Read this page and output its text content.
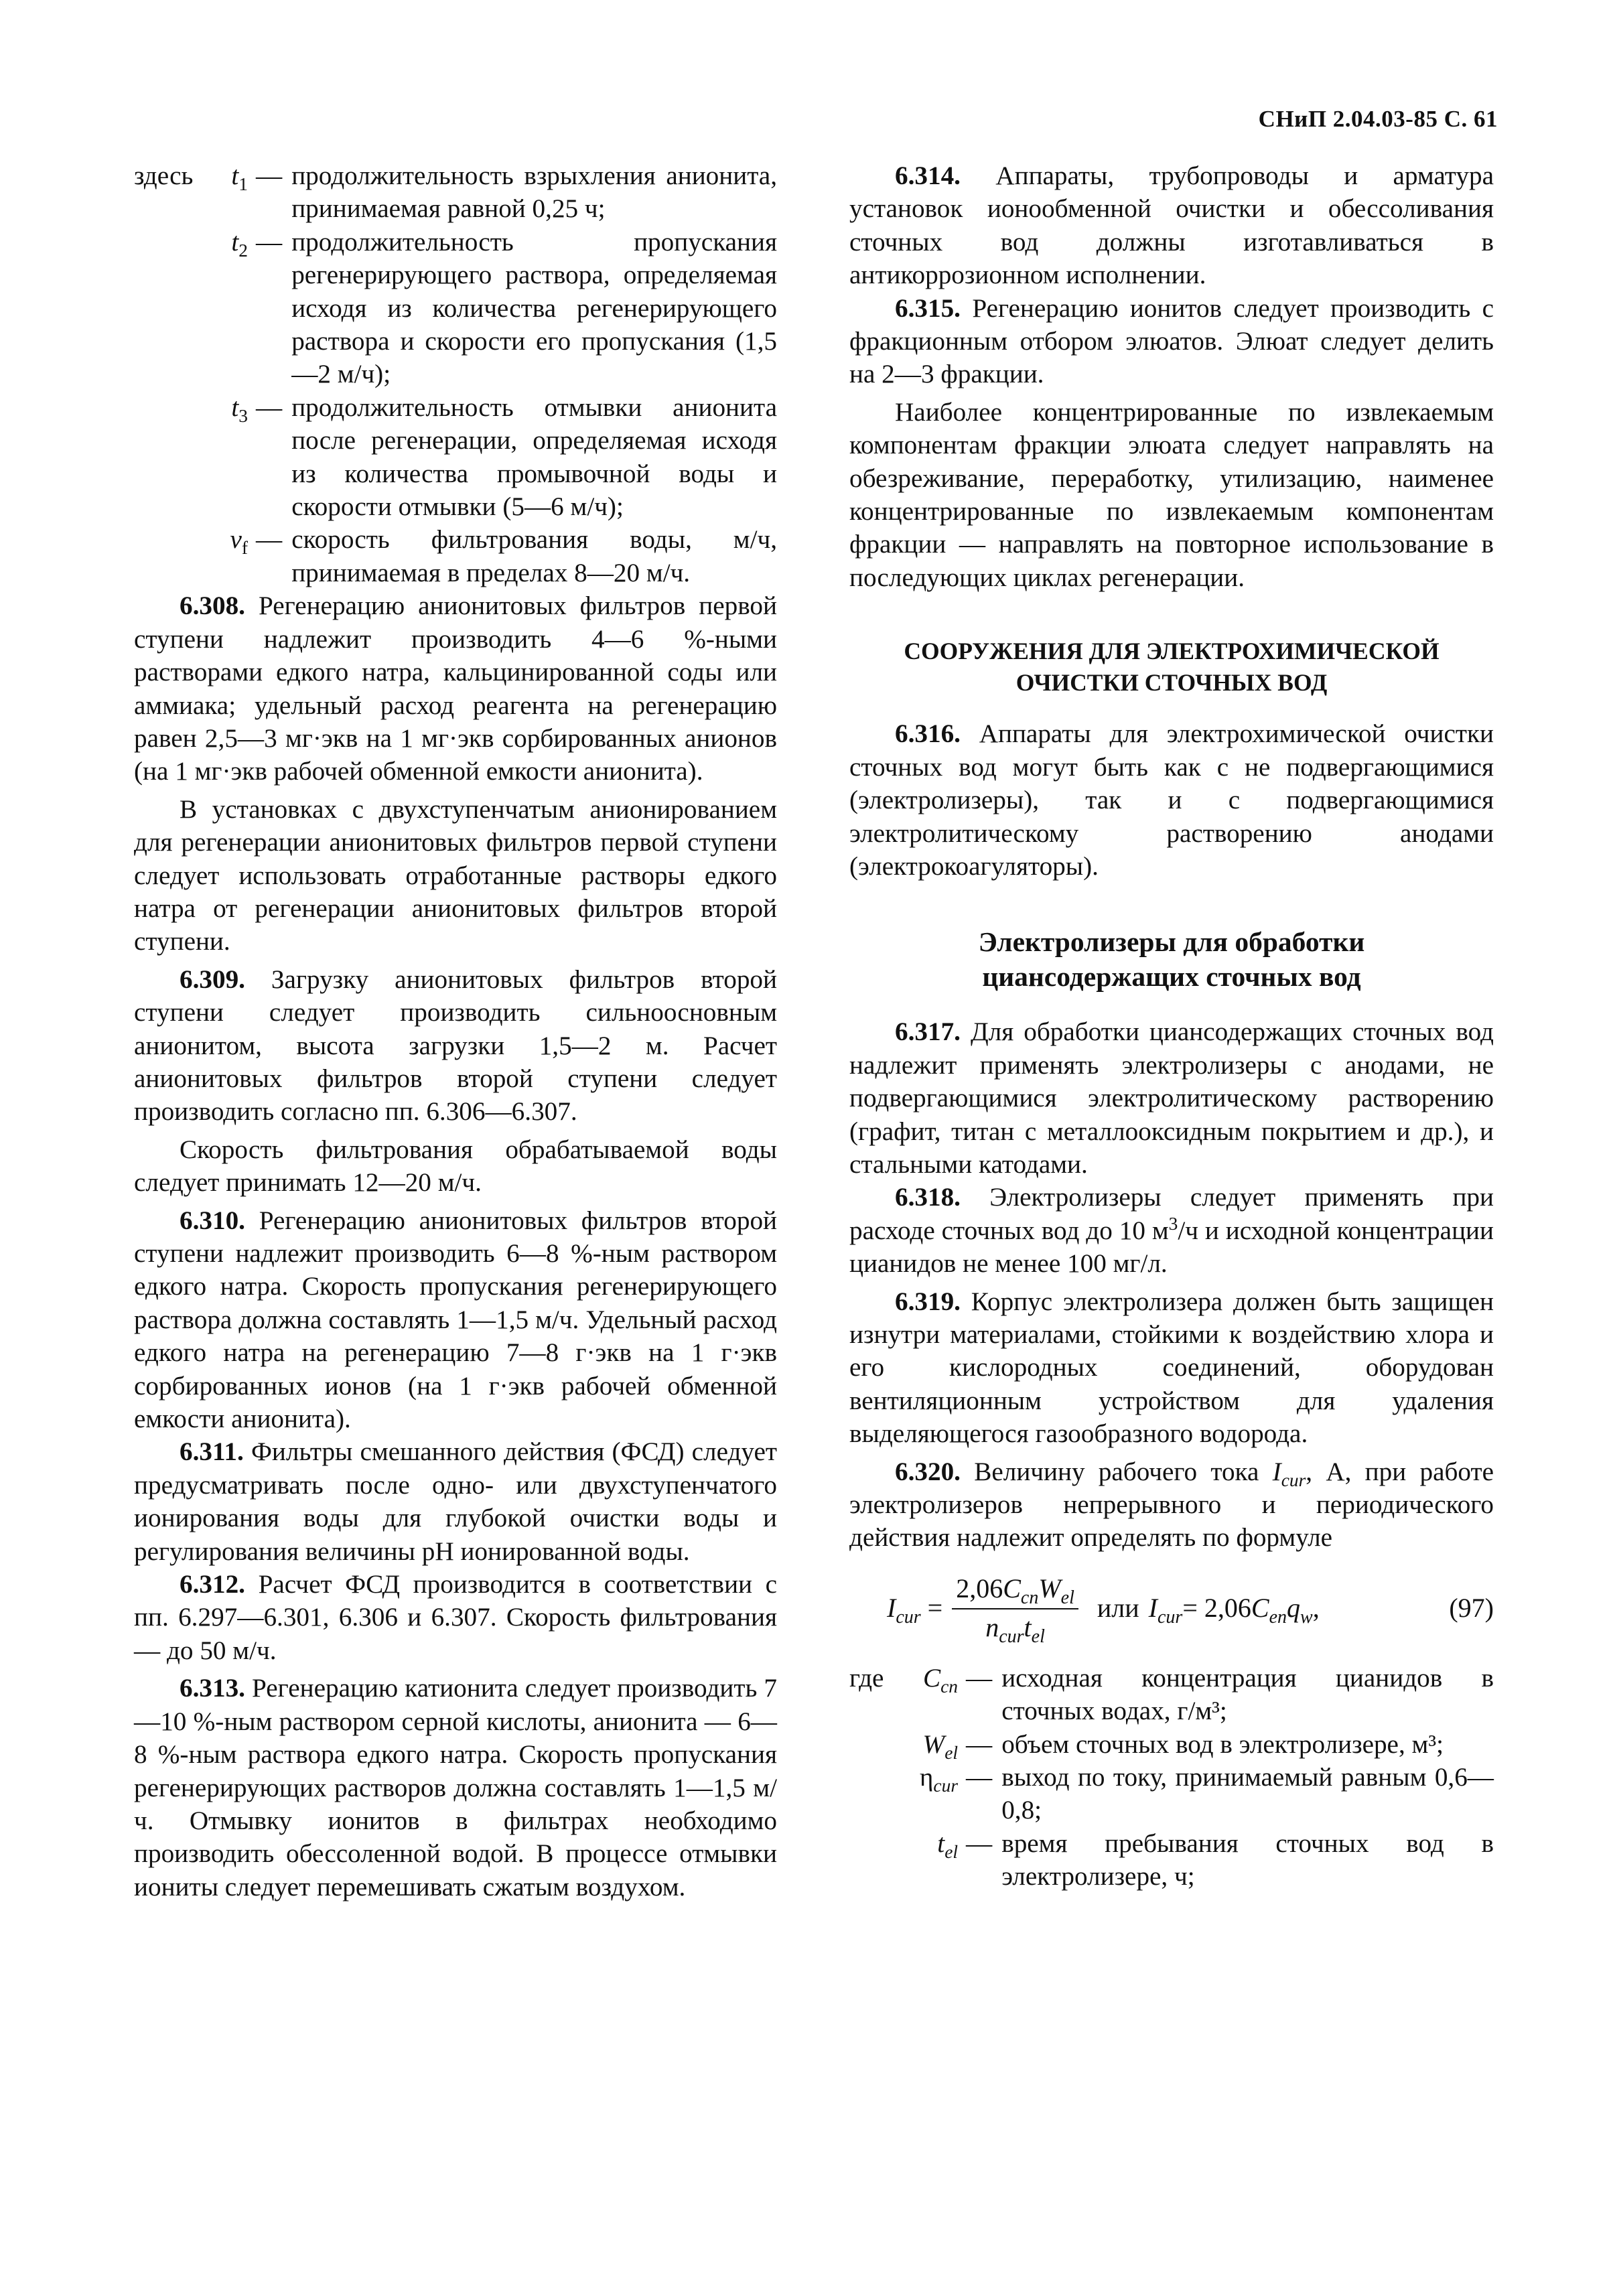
СНиП 2.04.03-85 С. 61
здесь	$t_1$	—	продолжительность взрыхления анионита, принимаемая равной 0,25 ч;
	$t_2$	—	продолжительность пропускания регенерирующего раствора, определяемая исходя из количества регенерирующего раствора и скорости его пропускания (1,5—2 м/ч);
	$t_3$	—	продолжительность отмывки анионита после регенерации, определяемая исходя из количества промывочной воды и скорости отмывки (5—6 м/ч);
	$v_f$	—	скорость фильтрования воды, м/ч, принимаемая в пределах 8—20 м/ч.

6.308. Регенерацию анионитовых фильтров первой ступени надлежит производить 4—6 %-ными растворами едкого натра, кальцинированной соды или аммиака; удельный расход реагента на регенерацию равен 2,5—3 мг·экв на 1 мг·экв сорбированных анионов (на 1 мг·экв рабочей обменной емкости анионита).

В установках с двухступенчатым анионированием для регенерации анионитовых фильтров первой ступени следует использовать отработанные растворы едкого натра от регенерации анионитовых фильтров второй ступени.

6.309. Загрузку анионитовых фильтров второй ступени следует производить сильноосновным анионитом, высота загрузки 1,5—2 м. Расчет анионитовых фильтров второй ступени следует производить согласно пп. 6.306—6.307.

Скорость фильтрования обрабатываемой воды следует принимать 12—20 м/ч.

6.310. Регенерацию анионитовых фильтров второй ступени надлежит производить 6—8 %-ным раствором едкого натра. Скорость пропускания регенерирующего раствора должна составлять 1—1,5 м/ч. Удельный расход едкого натра на регенерацию 7—8 г·экв на 1 г·экв сорбированных ионов (на 1 г·экв рабочей обменной емкости анионита).

6.311. Фильтры смешанного действия (ФСД) следует предусматривать после одно- или двухступенчатого ионирования воды для глубокой очистки воды и регулирования величины pH ионированной воды.

6.312. Расчет ФСД производится в соответствии с пп. 6.297—6.301, 6.306 и 6.307. Скорость фильтрования — до 50 м/ч.

6.313. Регенерацию катионита следует производить 7—10 %-ным раствором серной кислоты, анионита — 6—8 %-ным раствора едкого натра. Скорость пропускания регенерирующих растворов должна составлять 1—1,5 м/ч. Отмывку ионитов в фильтрах необходимо производить обессоленной водой. В процессе отмывки иониты следует перемешивать сжатым воздухом.

6.314. Аппараты, трубопроводы и арматура установок ионообменной очистки и обессоливания сточных вод должны изготавливаться в антикоррозионном исполнении.

6.315. Регенерацию ионитов следует производить с фракционным отбором элюатов. Элюат следует делить на 2—3 фракции.

Наиболее концентрированные по извлекаемым компонентам фракции элюата следует направлять на обезреживание, переработку, утилизацию, наименее концентрированные по извлекаемым компонентам фракции — направлять на повторное использование в последующих циклах регенерации.

СООРУЖЕНИЯ ДЛЯ ЭЛЕКТРОХИМИЧЕСКОЙ
ОЧИСТКИ СТОЧНЫХ ВОД

6.316. Аппараты для электрохимической очистки сточных вод могут быть как с не подвергающимися (электролизеры), так и с подвергающимися электролитическому растворению анодами (электрокоагуляторы).

Электролизеры для обработки
циансодержащих сточных вод

6.317. Для обработки циансодержащих сточных вод надлежит применять электролизеры с анодами, не подвергающимися электролитическому растворению (графит, титан с металлооксидным покрытием и др.), и стальными катодами.

6.318. Электролизеры следует применять при расходе сточных вод до 10 $м^3/ч$ и исходной концентрации цианидов не менее 100 мг/л.

6.319. Корпус электролизера должен быть защищен изнутри материалами, стойкими к воздействию хлора и его кислородных соединений, оборудован вентиляционным устройством для удаления выделяющегося газообразного водорода.

6.320. Величину рабочего тока $I_{cur}$, А, при работе электролизеров непрерывного и периодического действия надлежит определять по формуле

$I_{cur} = \frac{2,06C_{cn}W_{el}}{n_{cur}t_{el}}$ или $I_{cur}= 2,06C_{en}q_w$,	(97)
где	$C_{cn}$	—	исходная концентрация цианидов в сточных водах, г/м³;
	$W_{el}$	—	объем сточных вод в электролизере, м³;
	$\eta_{cur}$	—	выход по току, принимаемый равным 0,6—0,8;
	$t_{el}$	—	время пребывания сточных вод в электролизере, ч;
